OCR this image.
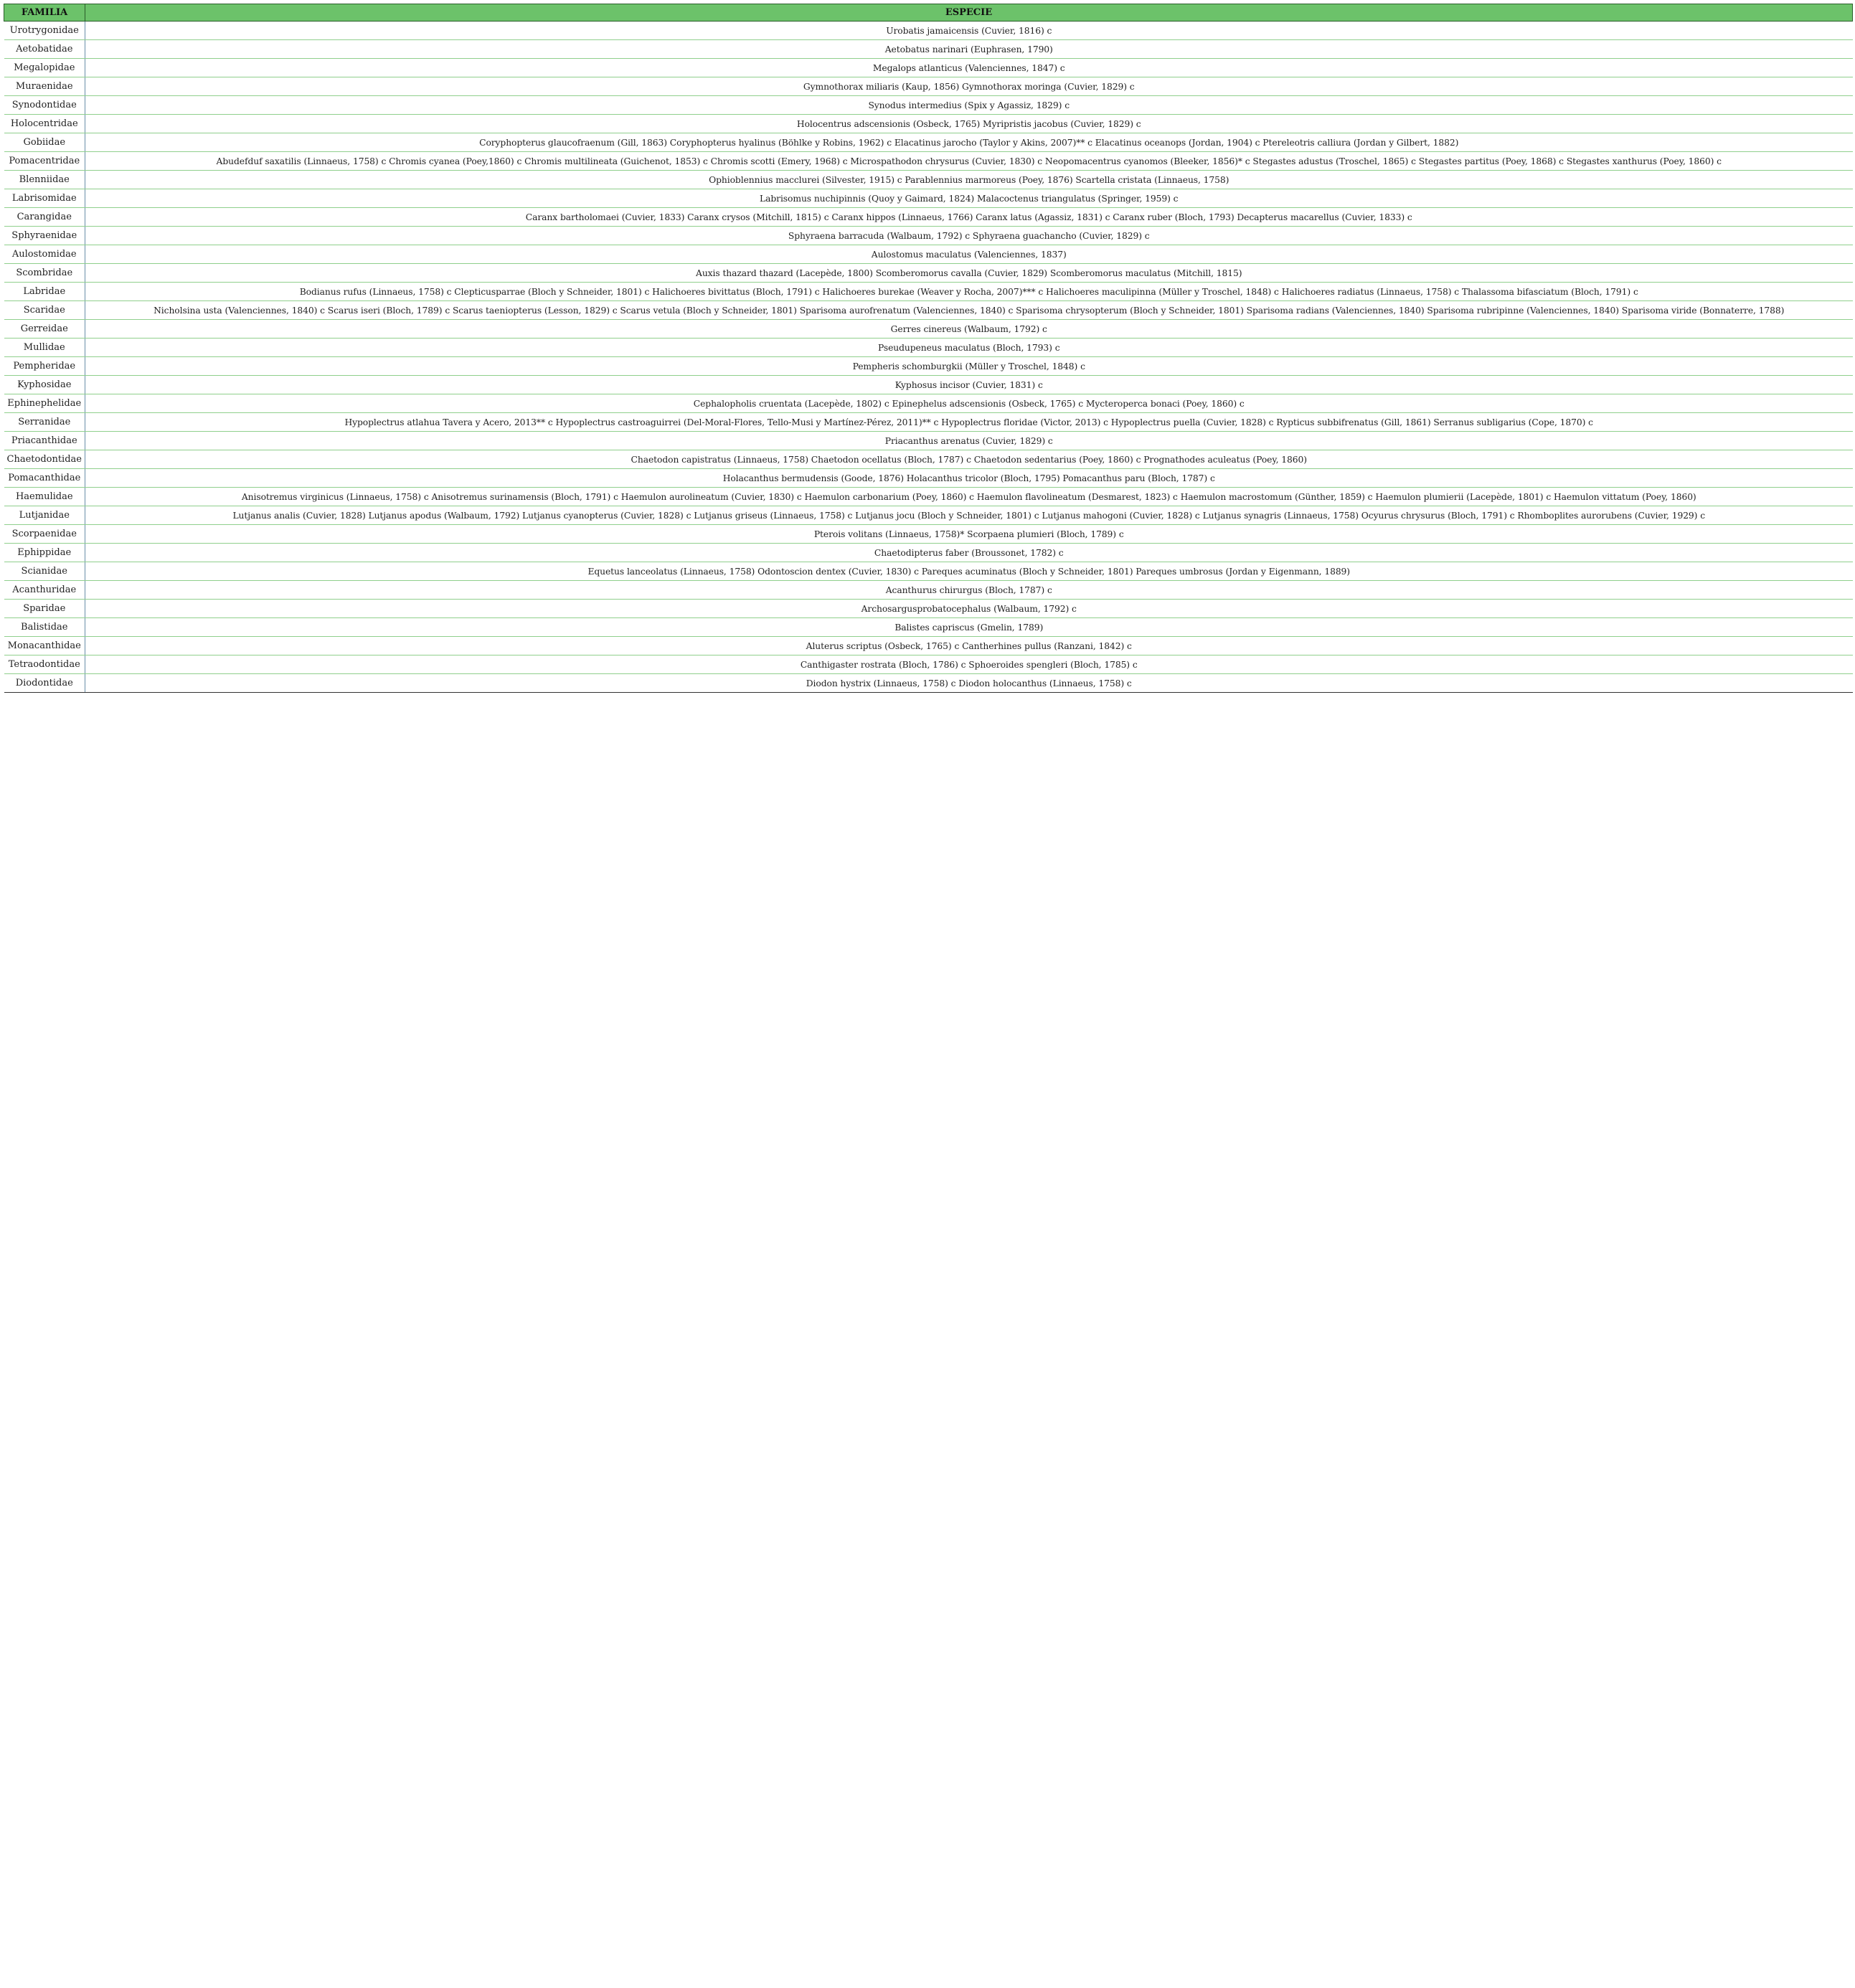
FAMILIA	ESPECIE
Urotrygonidae	Urobatis jamaicensis (Cuvier, 1816) c
Aetobatidae	Aetobatus narinari (Euphrasen, 1790)
Megalopidae	Megalops atlanticus (Valenciennes, 1847) c
Muraenidae	Gymnothorax miliaris (Kaup, 1856) Gymnothorax moringa (Cuvier, 1829) c
Synodontidae	Synodus intermedius (Spix y Agassiz, 1829) c
Holocentridae	Holocentrus adscensionis (Osbeck, 1765) Myripristis jacobus (Cuvier, 1829) c
Gobiidae	Coryphopterus glaucofraenum (Gill, 1863) Coryphopterus hyalinus (Böhlke y Robins, 1962) c Elacatinus jarocho (Taylor y Akins, 2007)** c Elacatinus oceanops (Jordan, 1904) c Ptereleotris calliura (Jordan y Gilbert, 1882)
Pomacentridae	Abudefduf saxatilis (Linnaeus, 1758) c Chromis cyanea (Poey,1860) c Chromis multilineata (Guichenot, 1853) c Chromis scotti (Emery, 1968) c Microspathodon chrysurus (Cuvier, 1830) c Neopomacentrus cyanomos (Bleeker, 1856)* c Stegastes adustus (Troschel, 1865) c Stegastes partitus (Poey, 1868) c Stegastes xanthurus (Poey, 1860) c
Blenniidae	Ophioblennius macclurei (Silvester, 1915) c Parablennius marmoreus (Poey, 1876) Scartella cristata (Linnaeus, 1758)
Labrisomidae	Labrisomus nuchipinnis (Quoy y Gaimard, 1824) Malacoctenus triangulatus (Springer, 1959) c
Carangidae	Caranx bartholomaei (Cuvier, 1833) Caranx crysos (Mitchill, 1815) c Caranx hippos (Linnaeus, 1766) Caranx latus (Agassiz, 1831) c Caranx ruber (Bloch, 1793) Decapterus macarellus (Cuvier, 1833) c
Sphyraenidae	Sphyraena barracuda (Walbaum, 1792) c Sphyraena guachancho (Cuvier, 1829) c
Aulostomidae	Aulostomus maculatus (Valenciennes, 1837)
Scombridae	Auxis thazard thazard (Lacepède, 1800) Scomberomorus cavalla (Cuvier, 1829) Scomberomorus maculatus (Mitchill, 1815)
Labridae	Bodianus rufus (Linnaeus, 1758) c Clepticusparrae (Bloch y Schneider, 1801) c Halichoeres bivittatus (Bloch, 1791) c Halichoeres burekae (Weaver y Rocha, 2007)*** c Halichoeres maculipinna (Müller y Troschel, 1848) c Halichoeres radiatus (Linnaeus, 1758) c Thalassoma bifasciatum (Bloch, 1791) c
Scaridae	Nicholsina usta (Valenciennes, 1840) c Scarus iseri (Bloch, 1789) c Scarus taeniopterus (Lesson, 1829) c Scarus vetula (Bloch y Schneider, 1801) Sparisoma aurofrenatum (Valenciennes, 1840) c Sparisoma chrysopterum (Bloch y Schneider, 1801) Sparisoma radians (Valenciennes, 1840) Sparisoma rubripinne (Valenciennes, 1840) Sparisoma viride (Bonnaterre, 1788)
Gerreidae	Gerres cinereus (Walbaum, 1792) c
Mullidae	Pseudupeneus maculatus (Bloch, 1793) c
Pempheridae	Pempheris schomburgkii (Müller y Troschel, 1848) c
Kyphosidae	Kyphosus incisor (Cuvier, 1831) c
Ephinephelidae	Cephalopholis cruentata (Lacepède, 1802) c Epinephelus adscensionis (Osbeck, 1765) c Mycteroperca bonaci (Poey, 1860) c
Serranidae	Hypoplectrus atlahua Tavera y Acero, 2013** c Hypoplectrus castroaguirrei (Del-Moral-Flores, Tello-Musi y Martínez-Pérez, 2011)** c Hypoplectrus floridae (Victor, 2013) c Hypoplectrus puella (Cuvier, 1828) c Rypticus subbifrenatus (Gill, 1861) Serranus subligarius (Cope, 1870) c
Priacanthidae	Priacanthus arenatus (Cuvier, 1829) c
Chaetodontidae	Chaetodon capistratus (Linnaeus, 1758) Chaetodon ocellatus (Bloch, 1787) c Chaetodon sedentarius (Poey, 1860) c Prognathodes aculeatus (Poey, 1860)
Pomacanthidae	Holacanthus bermudensis (Goode, 1876) Holacanthus tricolor (Bloch, 1795) Pomacanthus paru (Bloch, 1787) c
Haemulidae	Anisotremus virginicus (Linnaeus, 1758) c Anisotremus surinamensis (Bloch, 1791) c Haemulon aurolineatum (Cuvier, 1830) c Haemulon carbonarium (Poey, 1860) c Haemulon flavolineatum (Desmarest, 1823) c Haemulon macrostomum (Günther, 1859) c Haemulon plumierii (Lacepède, 1801) c Haemulon vittatum (Poey, 1860)
Lutjanidae	Lutjanus analis (Cuvier, 1828) Lutjanus apodus (Walbaum, 1792) Lutjanus cyanopterus (Cuvier, 1828) c Lutjanus griseus (Linnaeus, 1758) c Lutjanus jocu (Bloch y Schneider, 1801) c Lutjanus mahogoni (Cuvier, 1828) c Lutjanus synagris (Linnaeus, 1758) Ocyurus chrysurus (Bloch, 1791) c Rhomboplites aurorubens (Cuvier, 1929) c
Scorpaenidae	Pterois volitans (Linnaeus, 1758)* Scorpaena plumieri (Bloch, 1789) c
Ephippidae	Chaetodipterus faber (Broussonet, 1782) c
Scianidae	Equetus lanceolatus (Linnaeus, 1758) Odontoscion dentex (Cuvier, 1830) c Pareques acuminatus (Bloch y Schneider, 1801) Pareques umbrosus (Jordan y Eigenmann, 1889)
Acanthuridae	Acanthurus chirurgus (Bloch, 1787) c
Sparidae	Archosargusprobatocephalus (Walbaum, 1792) c
Balistidae	Balistes capriscus (Gmelin, 1789)
Monacanthidae	Aluterus scriptus (Osbeck, 1765) c Cantherhines pullus (Ranzani, 1842) c
Tetraodontidae	Canthigaster rostrata (Bloch, 1786) c Sphoeroides spengleri (Bloch, 1785) c
Diodontidae	Diodon hystrix (Linnaeus, 1758) c Diodon holocanthus (Linnaeus, 1758) c
